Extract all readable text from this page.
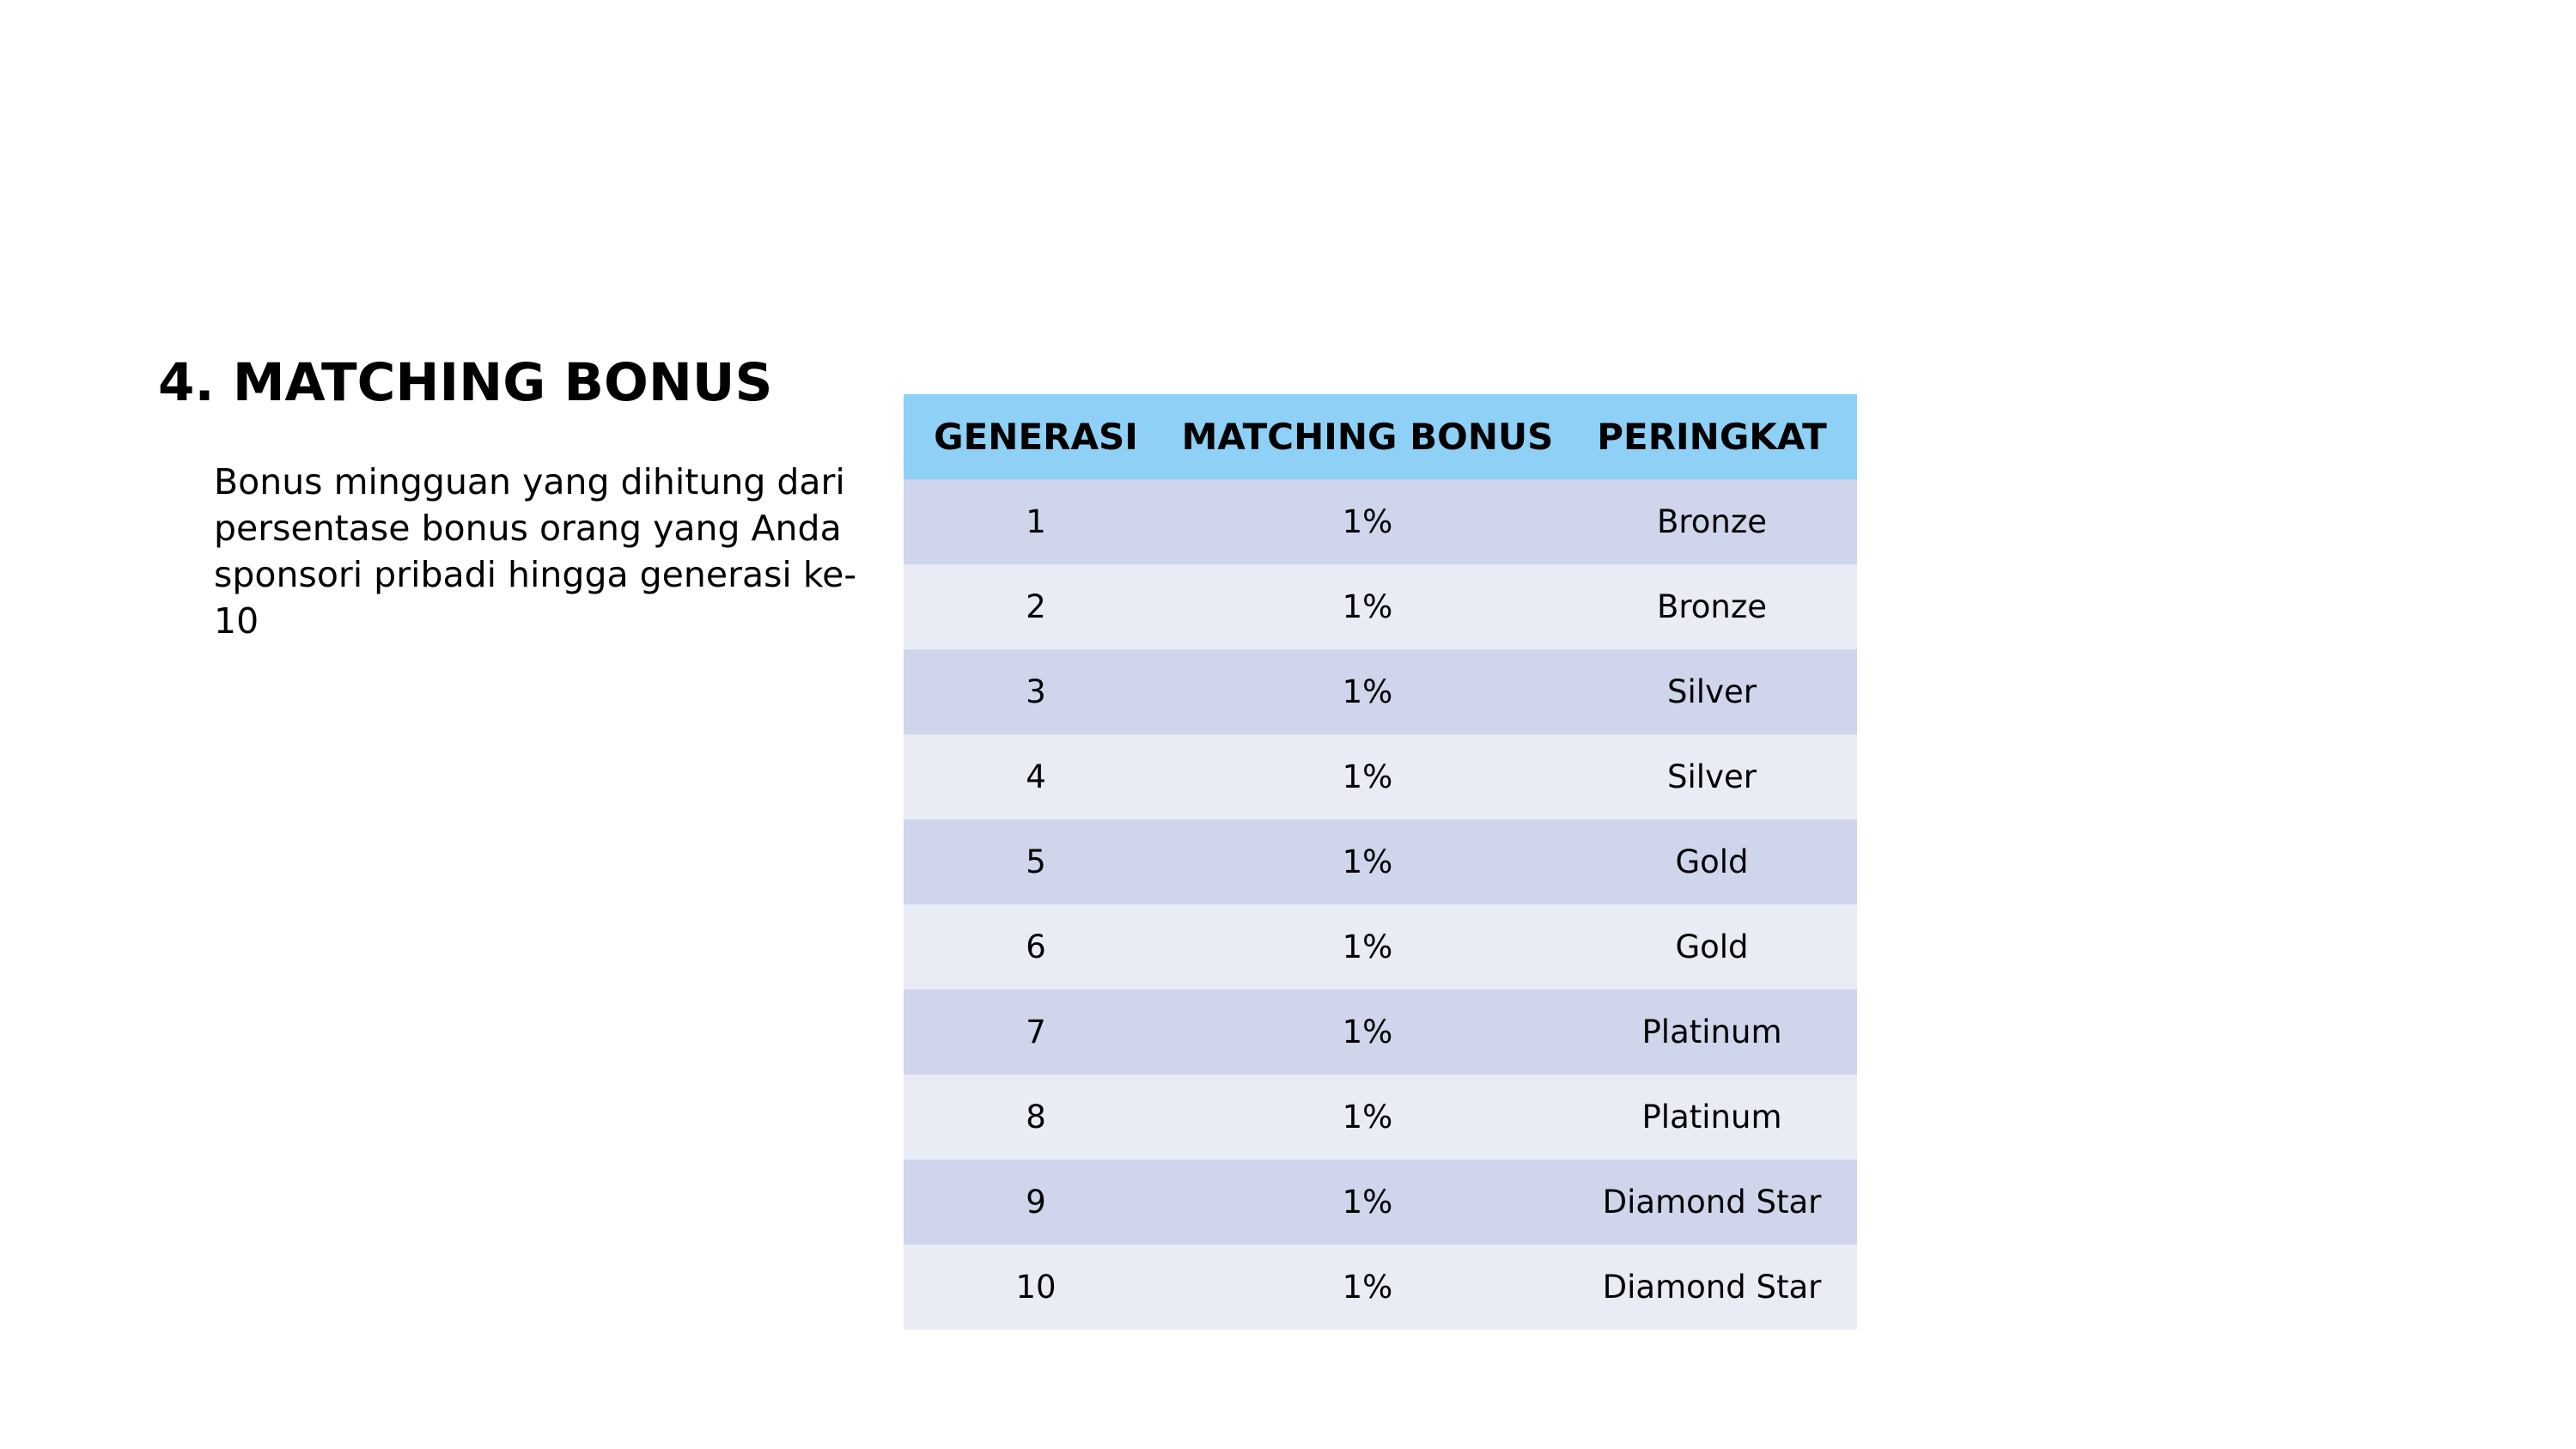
4. MATCHING BONUS

Bonus mingguan yang dihitung dari persentase bonus orang yang Anda sponsori pribadi hingga generasi ke-10

GENERASI	MATCHING BONUS	PERINGKAT
1	1%	Bronze
2	1%	Bronze
3	1%	Silver
4	1%	Silver
5	1%	Gold
6	1%	Gold
7	1%	Platinum
8	1%	Platinum
9	1%	Diamond Star
10	1%	Diamond Star
